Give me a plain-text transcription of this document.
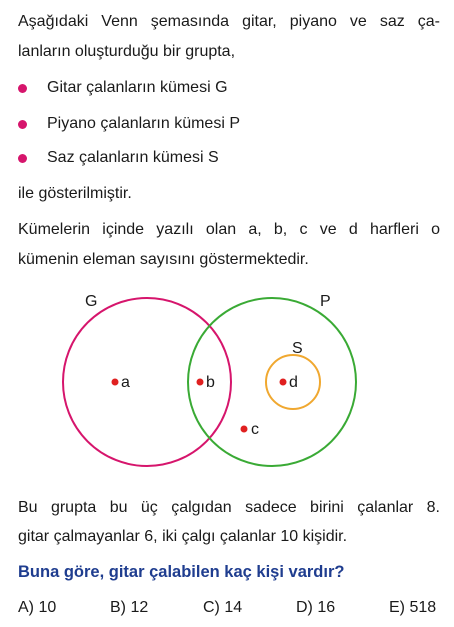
Aşağıdaki Venn şemasında gitar, piyano ve saz ça-
lanların oluşturduğu bir grupta,
Gitar çalanların kümesi G
Piyano çalanların kümesi P
Saz çalanların kümesi S
ile gösterilmiştir.
Kümelerin içinde yazılı olan a, b, c ve d harfleri o
kümenin eleman sayısını göstermektedir.
G	P
S
a	b	d
c
Bu grupta bu üç çalgıdan sadece birini çalanlar 8.
gitar çalmayanlar 6, iki çalgı çalanlar 10 kişidir.
Buna göre, gitar çalabilen kaç kişi vardır?
A) 10	B) 12	C) 14	D) 16	E) 518
